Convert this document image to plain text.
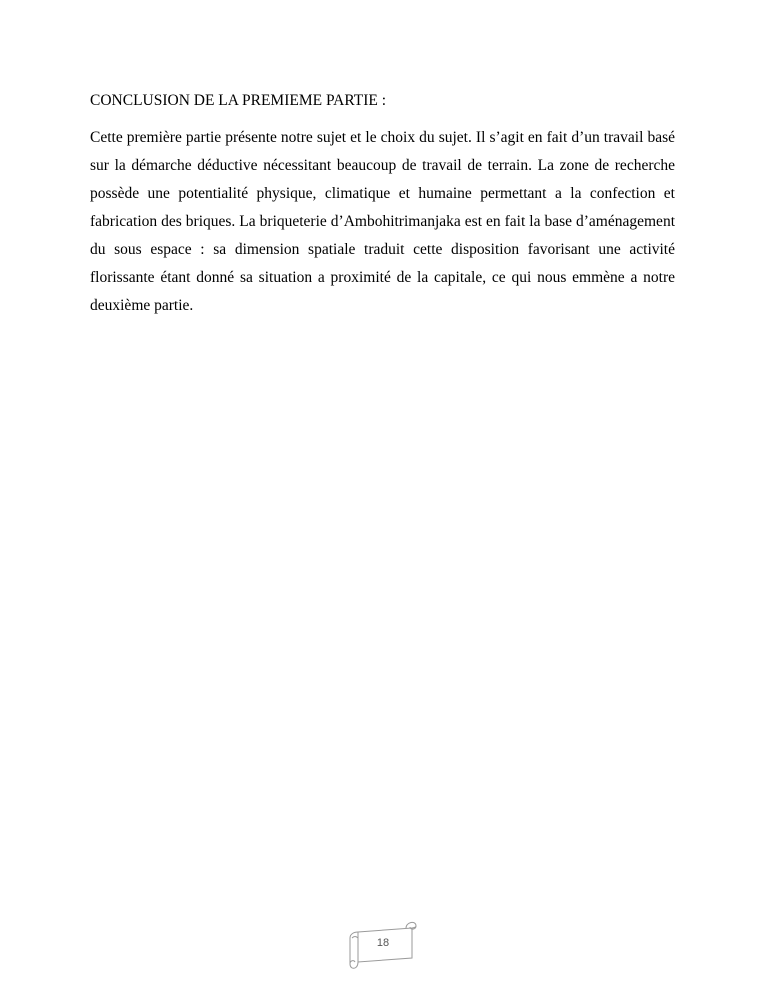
CONCLUSION DE LA PREMIEME PARTIE :

Cette première partie présente notre sujet et le choix du sujet. Il s’agit en fait d’un travail basé sur la démarche déductive nécessitant beaucoup de travail de terrain. La zone de recherche possède une potentialité physique, climatique et humaine permettant a la confection et fabrication des briques. La briqueterie d’Ambohitrimanjaka est en fait la base d’aménagement  du sous espace : sa dimension spatiale traduit cette disposition favorisant une activité florissante étant donné sa situation a proximité de la capitale, ce qui nous emmène a notre  deuxième partie.

18
